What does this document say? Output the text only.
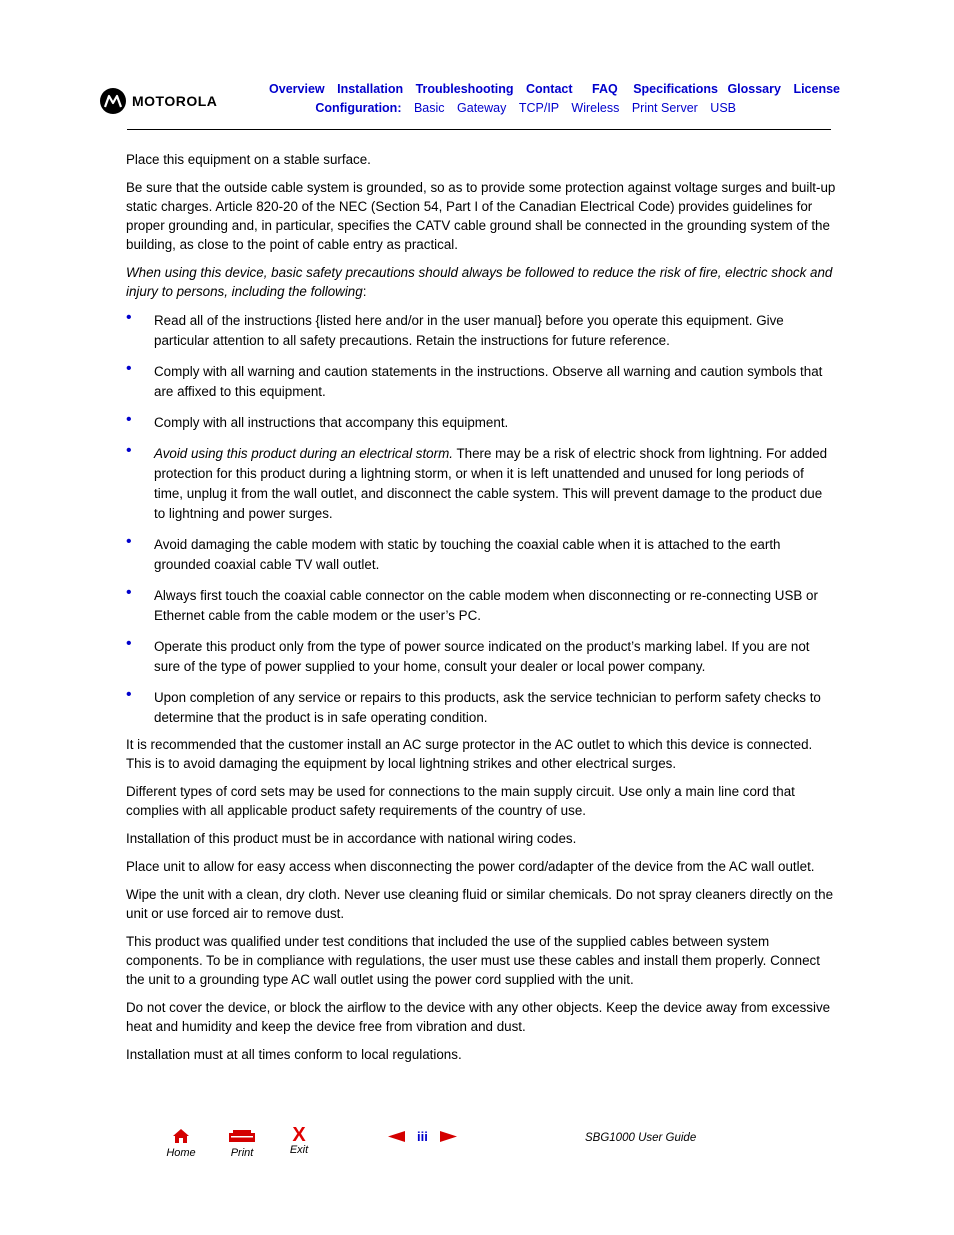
MOTOROLA
Overview Installation Troubleshooting Contact FAQ Specifications Glossary License
Configuration: Basic Gateway TCP/IP Wireless Print Server USB

Place this equipment on a stable surface.

Be sure that the outside cable system is grounded, so as to provide some protection against voltage surges and built-up static charges. Article 820-20 of the NEC (Section 54, Part I of the Canadian Electrical Code) provides guidelines for proper grounding and, in particular, specifies the CATV cable ground shall be connected in the grounding system of the building, as close to the point of cable entry as practical.

When using this device, basic safety precautions should always be followed to reduce the risk of fire, electric shock and injury to persons, including the following:

• Read all of the instructions {listed here and/or in the user manual} before you operate this equipment. Give particular attention to all safety precautions. Retain the instructions for future reference.
• Comply with all warning and caution statements in the instructions. Observe all warning and caution symbols that are affixed to this equipment.
• Comply with all instructions that accompany this equipment.
• Avoid using this product during an electrical storm. There may be a risk of electric shock from lightning. For added protection for this product during a lightning storm, or when it is left unattended and unused for long periods of time, unplug it from the wall outlet, and disconnect the cable system. This will prevent damage to the product due to lightning and power surges.
• Avoid damaging the cable modem with static by touching the coaxial cable when it is attached to the earth grounded coaxial cable TV wall outlet.
• Always first touch the coaxial cable connector on the cable modem when disconnecting or re-connecting USB or Ethernet cable from the cable modem or the user’s PC.
• Operate this product only from the type of power source indicated on the product’s marking label. If you are not sure of the type of power supplied to your home, consult your dealer or local power company.
• Upon completion of any service or repairs to this products, ask the service technician to perform safety checks to determine that the product is in safe operating condition.

It is recommended that the customer install an AC surge protector in the AC outlet to which this device is connected. This is to avoid damaging the equipment by local lightning strikes and other electrical surges.

Different types of cord sets may be used for connections to the main supply circuit. Use only a main line cord that complies with all applicable product safety requirements of the country of use.

Installation of this product must be in accordance with national wiring codes.

Place unit to allow for easy access when disconnecting the power cord/adapter of the device from the AC wall outlet.

Wipe the unit with a clean, dry cloth. Never use cleaning fluid or similar chemicals. Do not spray cleaners directly on the unit or use forced air to remove dust.

This product was qualified under test conditions that included the use of the supplied cables between system components. To be in compliance with regulations, the user must use these cables and install them properly. Connect the unit to a grounding type AC wall outlet using the power cord supplied with the unit.

Do not cover the device, or block the airflow to the device with any other objects. Keep the device away from excessive heat and humidity and keep the device free from vibration and dust.

Installation must at all times conform to local regulations.

Home	Print
X
Exit
iii	SBG1000 User Guide
